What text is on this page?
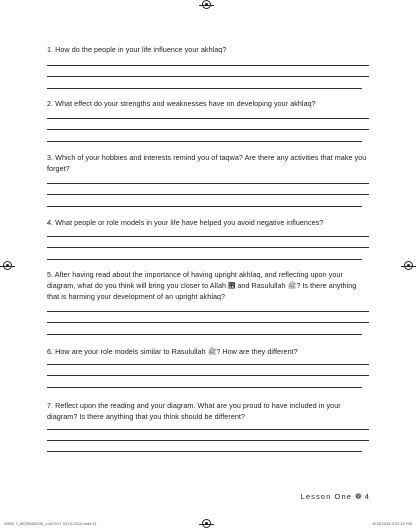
1. How do the people in your life influence your akhlaq?
2. What effect do your strengths and weaknesses have on developing your akhlaq?
3. Which of your hobbies and interests remind you of taqwa? Are there any activities that make you forget?
4. What people or role models in your life have helped you avoid negative influences?
5. After having read about the importance of having upright akhlaq, and reflecting upon your diagram, what do you think will bring you closer to Allah ౞ and Rasulullah ﷺ? Is there anything that is harming your development of an upright akhlaq?
6. How are your role models similar to Rasulullah ﷺ? How are they different?
7. Reflect upon the reading and your diagram. What are you proud to have included in your diagram? Is there anything that you think should be different?
Lesson One ❁ 4
WISE 7_WORKBOOK_LAYOUT 03.04.2024.indd 11	8/13/2024 3:37:22 PM
